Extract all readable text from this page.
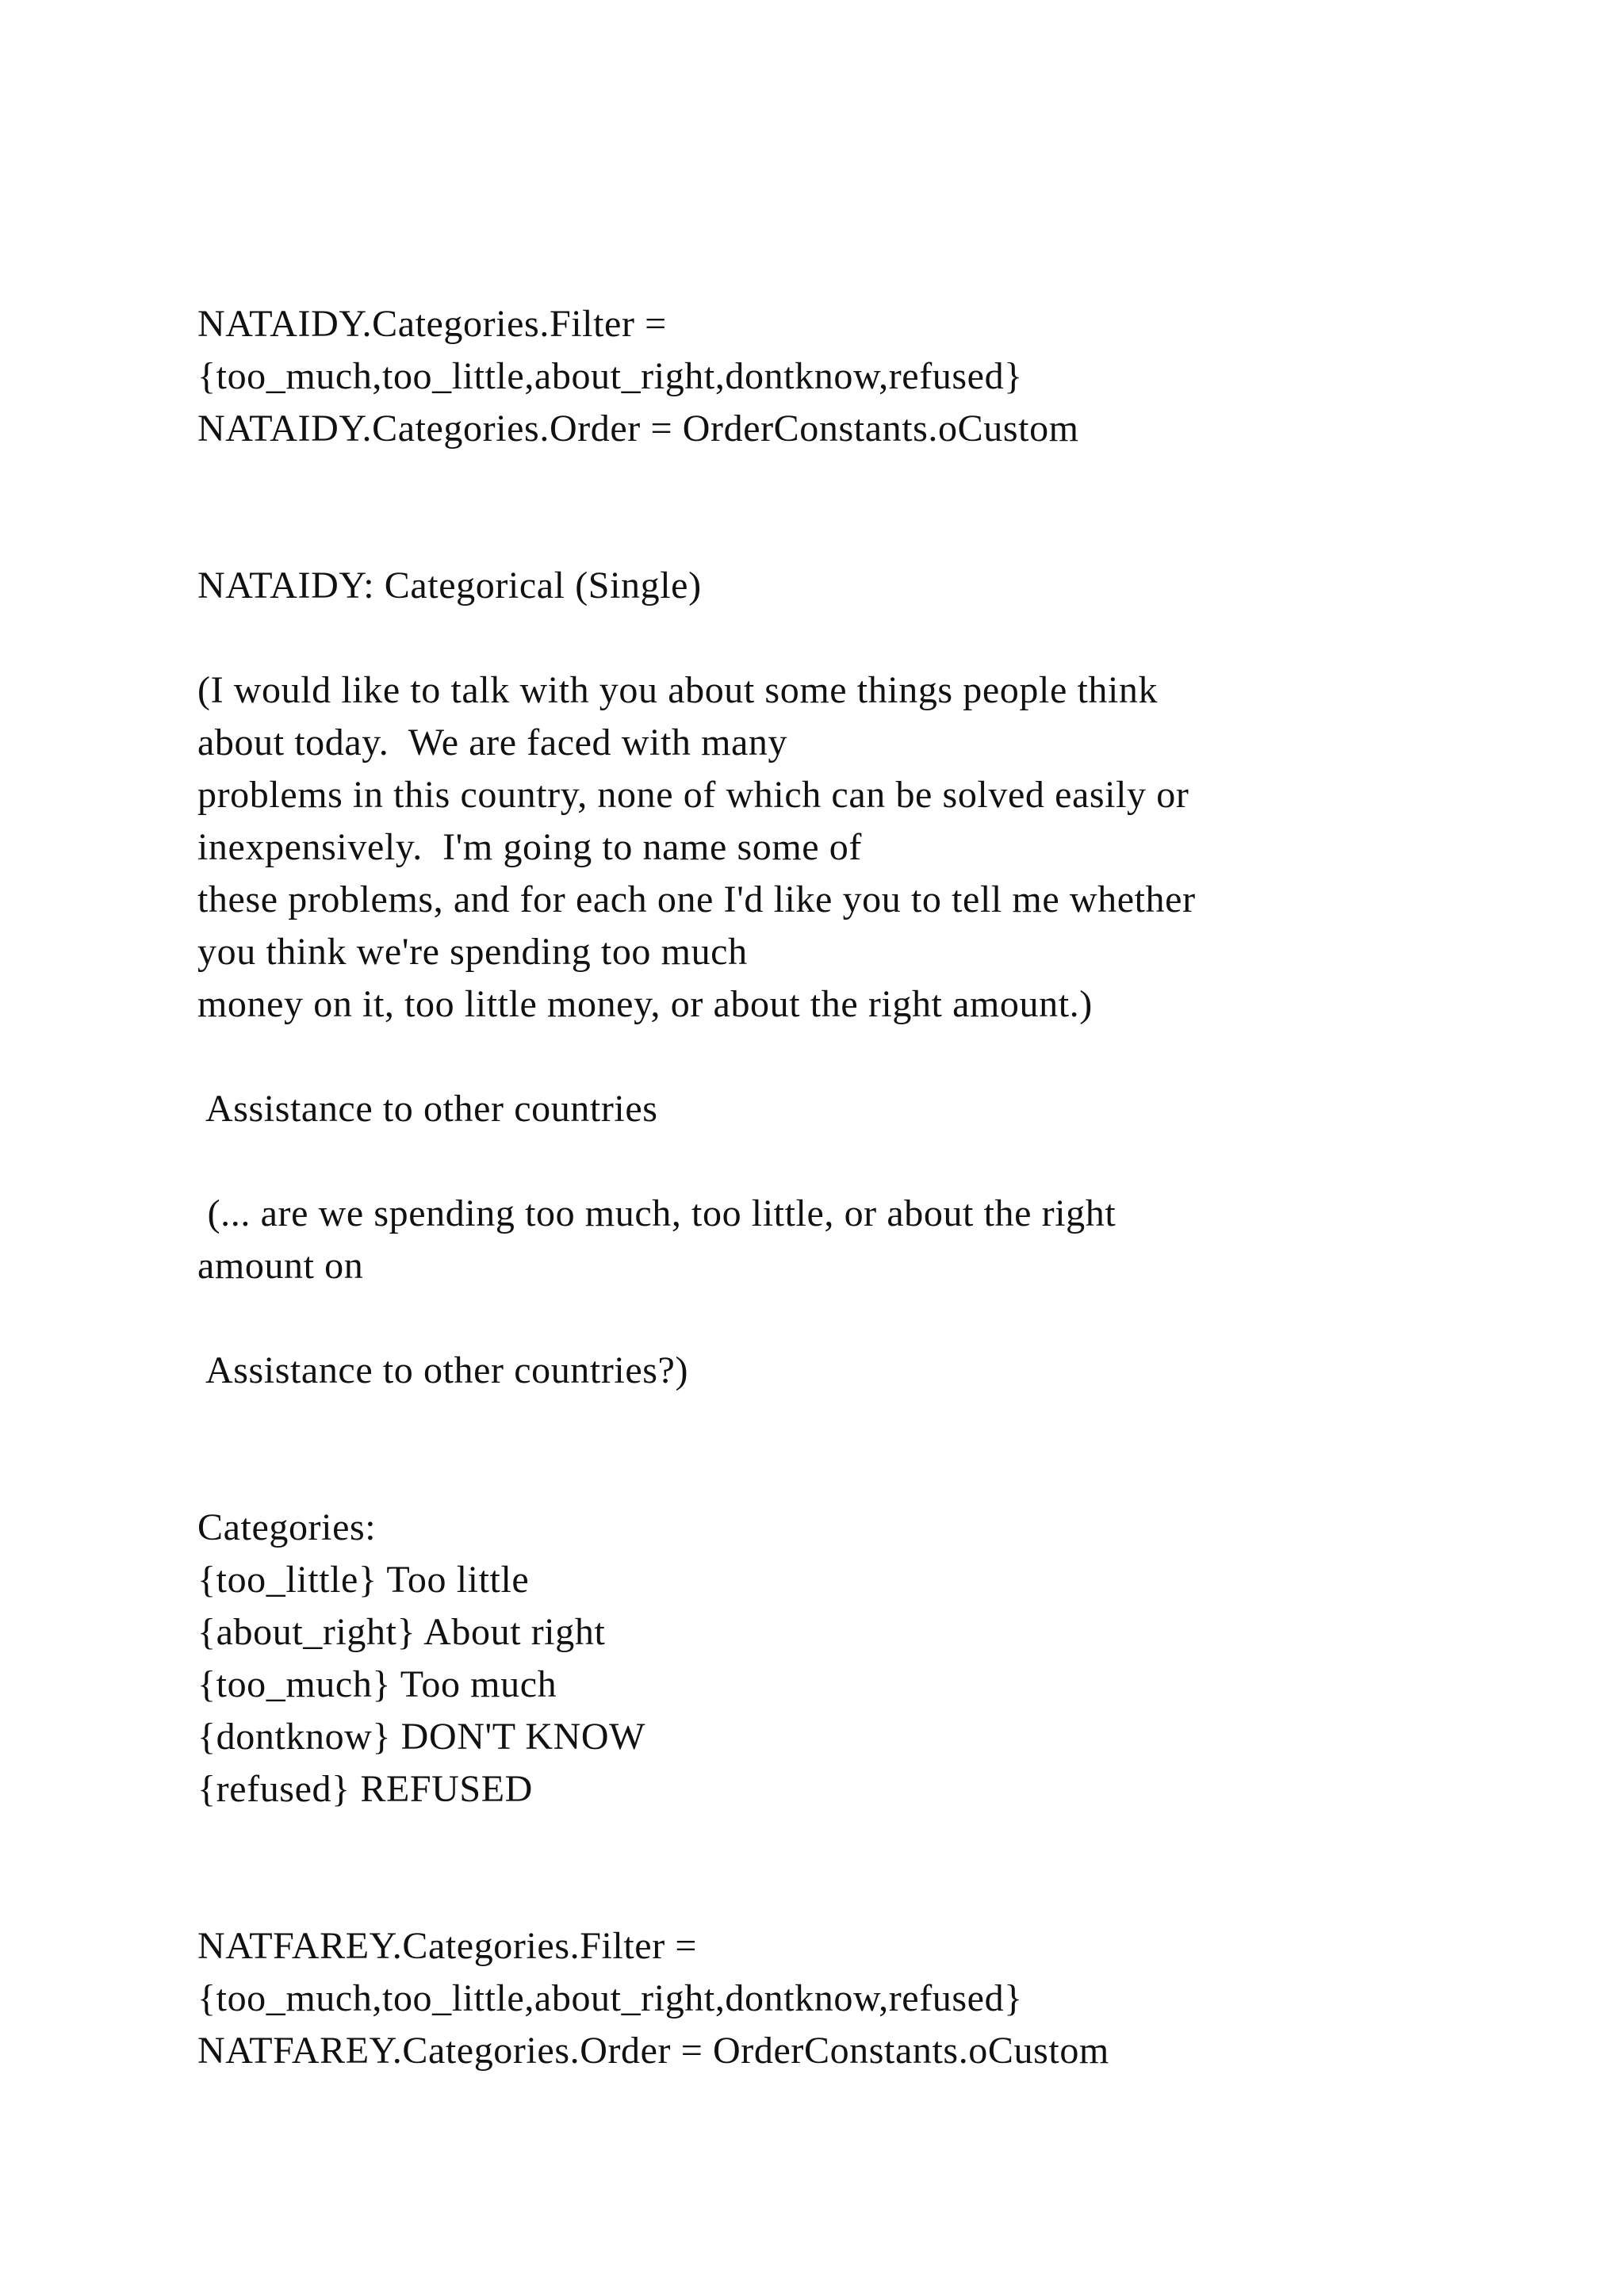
NATAIDY.Categories.Filter =
{too_much,too_little,about_right,dontknow,refused}
NATAIDY.Categories.Order = OrderConstants.oCustom
NATAIDY: Categorical (Single)
(I would like to talk with you about some things people think
about today.  We are faced with many
problems in this country, none of which can be solved easily or
inexpensively.  I'm going to name some of
these problems, and for each one I'd like you to tell me whether
you think we're spending too much
money on it, too little money, or about the right amount.)
Assistance to other countries
(... are we spending too much, too little, or about the right
amount on
Assistance to other countries?)
Categories:
{too_little} Too little
{about_right} About right
{too_much} Too much
{dontknow} DON'T KNOW
{refused} REFUSED
NATFAREY.Categories.Filter =
{too_much,too_little,about_right,dontknow,refused}
NATFAREY.Categories.Order = OrderConstants.oCustom
